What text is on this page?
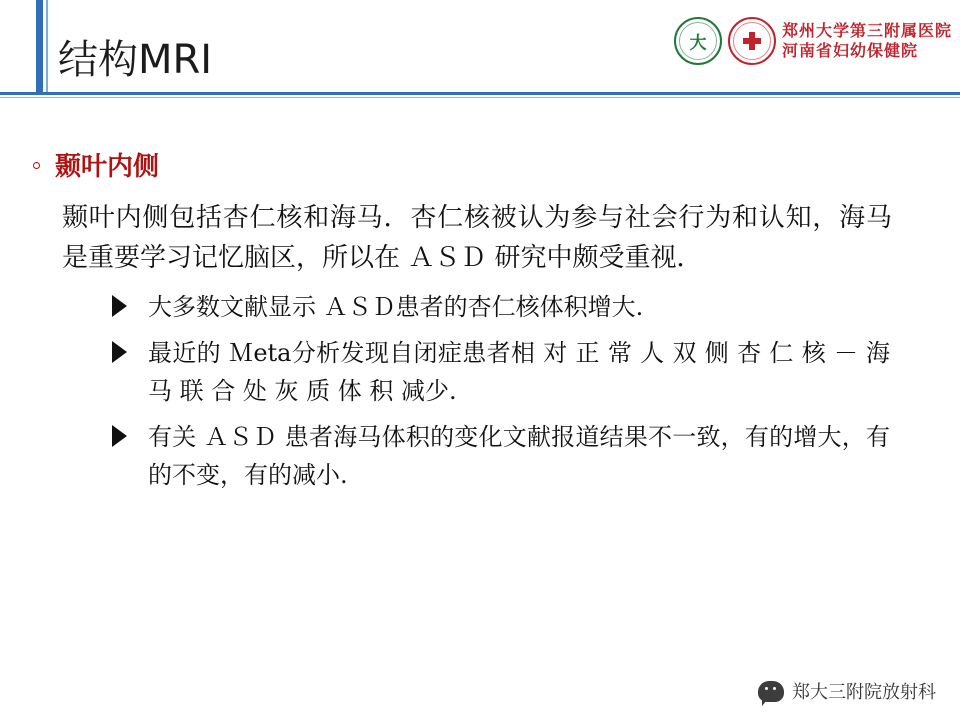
结构MRI	大
郑州大学第三附属医院
河南省妇幼保健院
颞叶内侧

颞叶内侧包括杏仁核和海马．杏仁核被认为参与社会行为和认知，海马是重要学习记忆脑区，所以在 ＡＳＤ 研究中颇受重视．

大多数文献显示 ＡＳＤ患者的杏仁核体积增大.
最近的 Ｍeta分析发现自闭症患者相 对 正 常 人 双 侧 杏 仁 核 － 海 马 联 合 处 灰 质 体 积 减少.
有关 ＡＳＤ 患者海马体积的变化文献报道结果不一致，有的增大，有的不变，有的减小.
郑大三附院放射科
